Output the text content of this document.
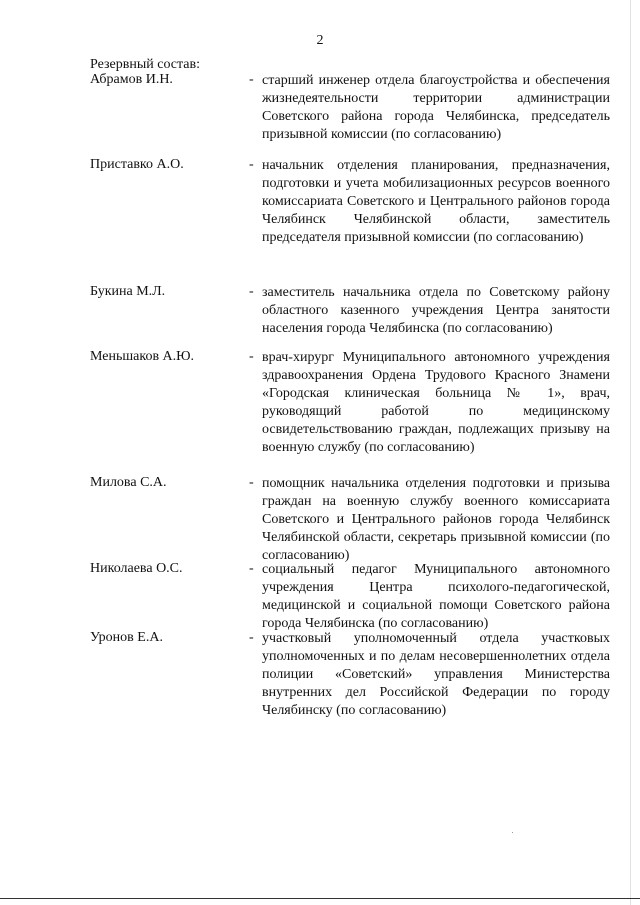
2
Резервный состав:
Абрамов И.Н.	- старший инженер отдела благоустройства и обеспечения жизнедеятельности территории администрации Советского района города Челябинска, председатель призывной комиссии (по согласованию)
Приставко А.О.	- начальник отделения планирования, предназначения, подготовки и учета мобилизационных ресурсов военного комиссариата Советского и Центрального районов города Челябинск Челябинской области, заместитель председателя призывной комиссии (по согласованию)
Букина М.Л.	- заместитель начальника отдела по Советскому району областного казенного учреждения Центра занятости населения города Челябинска (по согласованию)
Меньшаков А.Ю.	- врач-хирург Муниципального автономного учреждения здравоохранения Ордена Трудового Красного Знамени «Городская клиническая больница № 1», врач, руководящий работой по медицинскому освидетельствованию граждан, подлежащих призыву на военную службу (по согласованию)
Милова С.А.	- помощник начальника отделения подготовки и призыва граждан на военную службу военного комиссариата Советского и Центрального районов города Челябинск Челябинской области, секретарь призывной комиссии (по согласованию)
Николаева О.С.	- социальный педагог Муниципального автономного учреждения Центра психолого-педагогической, медицинской и социальной помощи Советского района города Челябинска (по согласованию)
Уронов Е.А.	- участковый уполномоченный отдела участковых уполномоченных и по делам несовершеннолетних отдела полиции «Советский» управления Министерства внутренних дел Российской Федерации по городу Челябинску (по согласованию)
